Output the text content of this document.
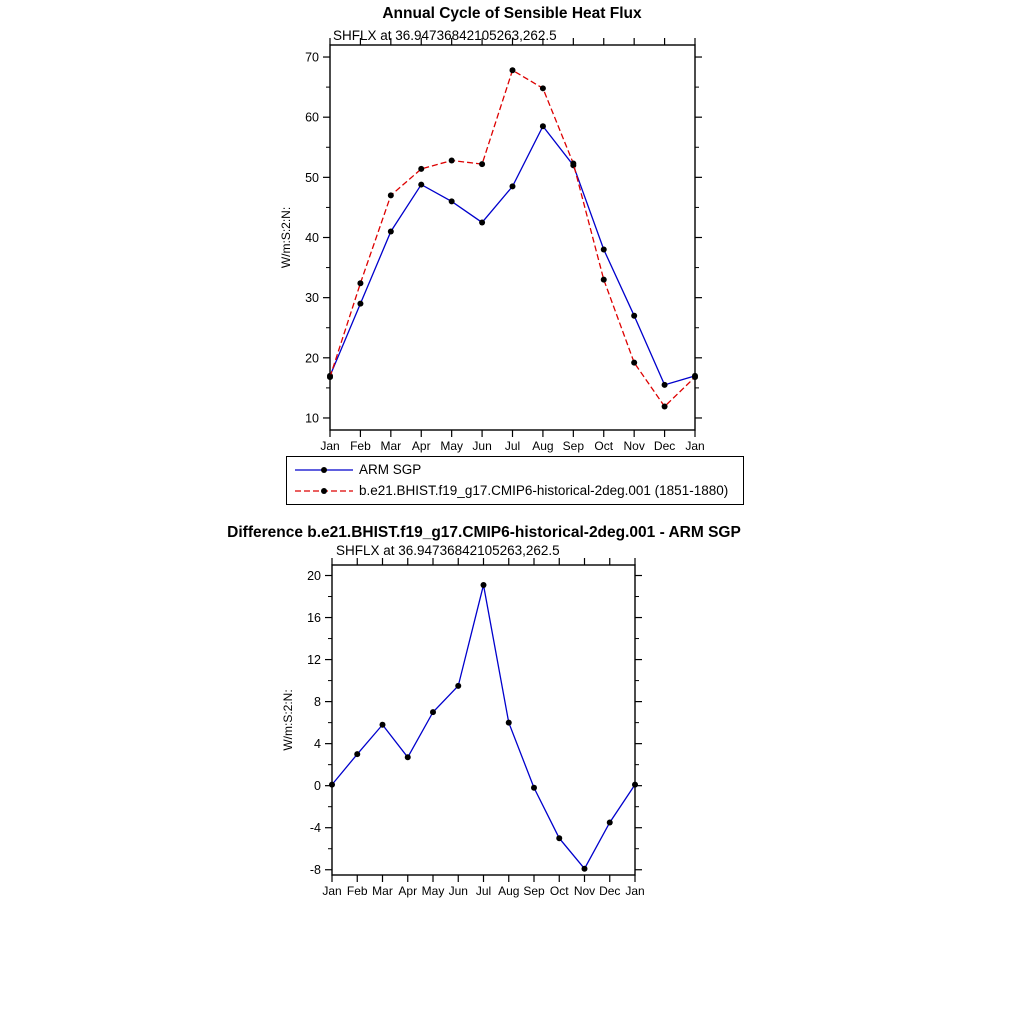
Annual Cycle of Sensible Heat Flux
SHFLX at 36.94736842105263,262.5
10
20
30
40
50
60
70
Jan Feb Mar Apr May Jun Jul Aug Sep Oct Nov Dec Jan
W/m:S:2:N:
ARM SGP
b.e21.BHIST.f19_g17.CMIP6-historical-2deg.001 (1851-1880)
Difference b.e21.BHIST.f19_g17.CMIP6-historical-2deg.001 - ARM SGP
SHFLX at 36.94736842105263,262.5
-8
-4
0
4
8
12
16
20
Jan Feb Mar Apr May Jun Jul Aug Sep Oct Nov Dec Jan
W/m:S:2:N:
